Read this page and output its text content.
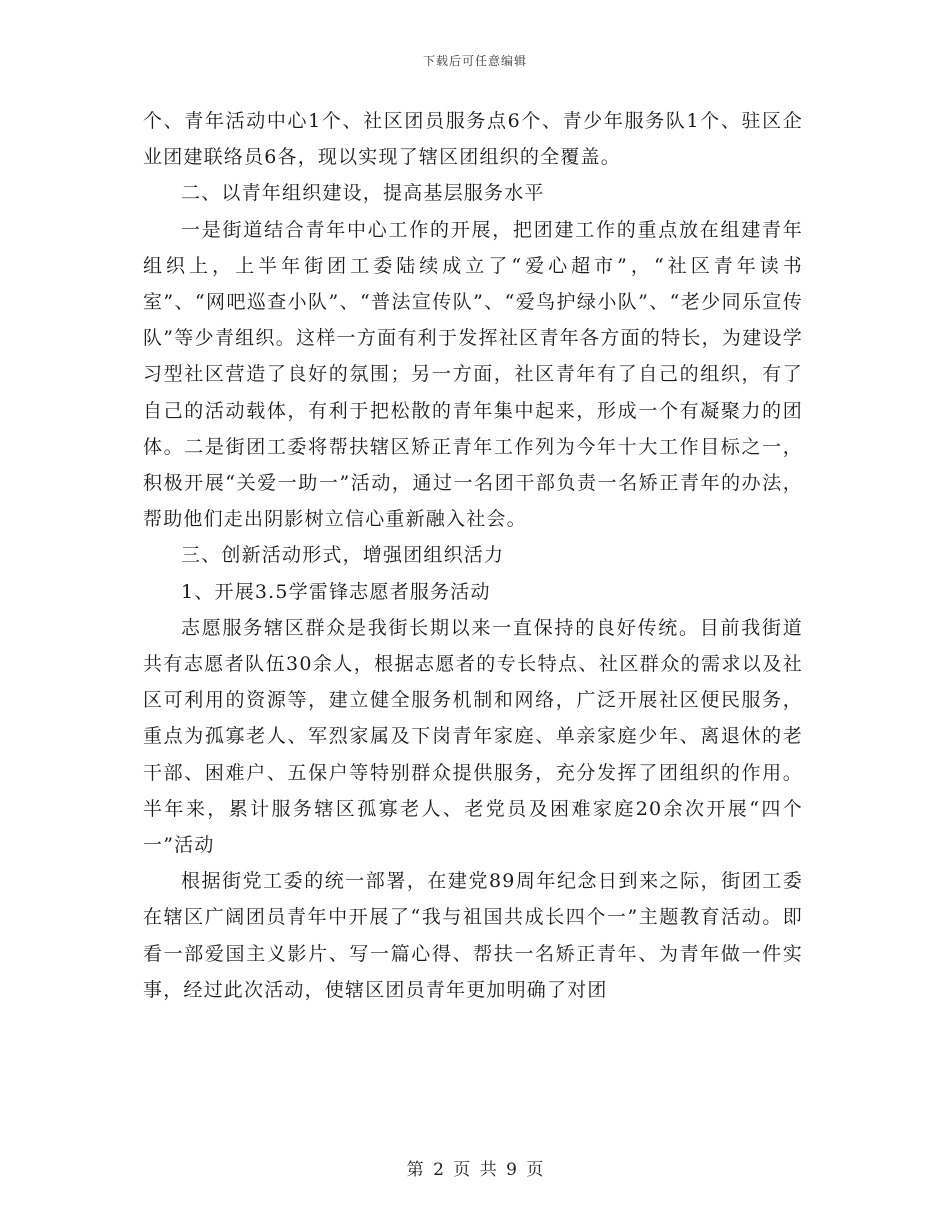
下载后可任意编辑

个、青年活动中心1个、社区团员服务点6个、青少年服务队1个、驻区企业团建联络员6各，现以实现了辖区团组织的全覆盖。

二、以青年组织建设，提高基层服务水平

一是街道结合青年中心工作的开展，把团建工作的重点放在组建青年组织上，上半年街团工委陆续成立了“爱心超市”，“社区青年读书室”、“网吧巡查小队”、“普法宣传队”、“爱鸟护绿小队”、“老少同乐宣传队”等少青组织。这样一方面有利于发挥社区青年各方面的特长，为建设学习型社区营造了良好的氛围；另一方面，社区青年有了自己的组织，有了自己的活动载体，有利于把松散的青年集中起来，形成一个有凝聚力的团体。二是街团工委将帮扶辖区矫正青年工作列为今年十大工作目标之一，积极开展“关爱一助一”活动，通过一名团干部负责一名矫正青年的办法，帮助他们走出阴影树立信心重新融入社会。

三、创新活动形式，增强团组织活力

1、开展3.5学雷锋志愿者服务活动

志愿服务辖区群众是我街长期以来一直保持的良好传统。目前我街道共有志愿者队伍30余人，根据志愿者的专长特点、社区群众的需求以及社区可利用的资源等，建立健全服务机制和网络，广泛开展社区便民服务，重点为孤寡老人、军烈家属及下岗青年家庭、单亲家庭少年、离退休的老干部、困难户、五保户等特别群众提供服务，充分发挥了团组织的作用。半年来，累计服务辖区孤寡老人、老党员及困难家庭20余次开展“四个一”活动

根据街党工委的统一部署，在建党89周年纪念日到来之际，街团工委在辖区广阔团员青年中开展了“我与祖国共成长四个一”主题教育活动。即看一部爱国主义影片、写一篇心得、帮扶一名矫正青年、为青年做一件实事，经过此次活动，使辖区团员青年更加明确了对团

第 2 页 共 9 页
